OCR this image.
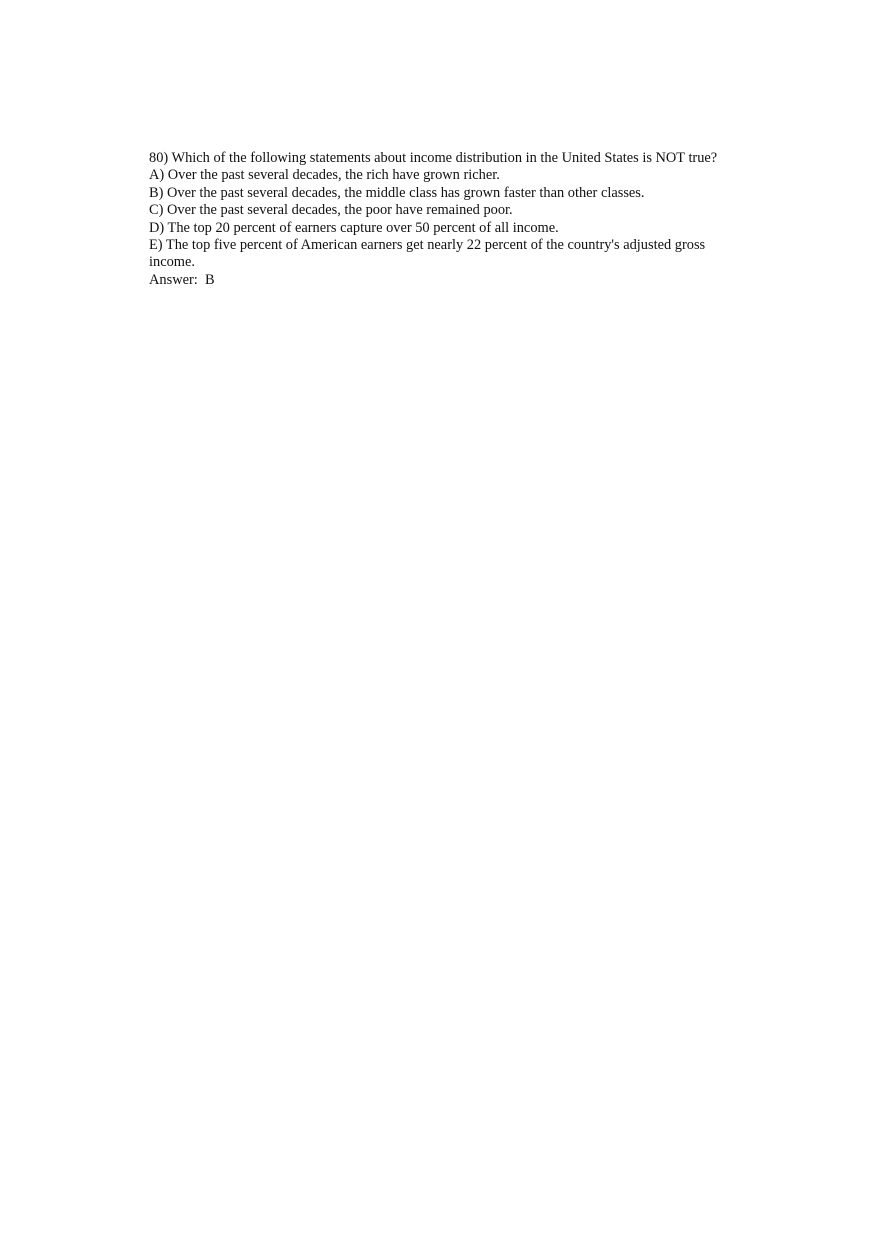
80) Which of the following statements about income distribution in the United States is NOT true?

A) Over the past several decades, the rich have grown richer.

B) Over the past several decades, the middle class has grown faster than other classes.

C) Over the past several decades, the poor have remained poor.

D) The top 20 percent of earners capture over 50 percent of all income.

E) The top five percent of American earners get nearly 22 percent of the country's adjusted gross income.

Answer:  B
